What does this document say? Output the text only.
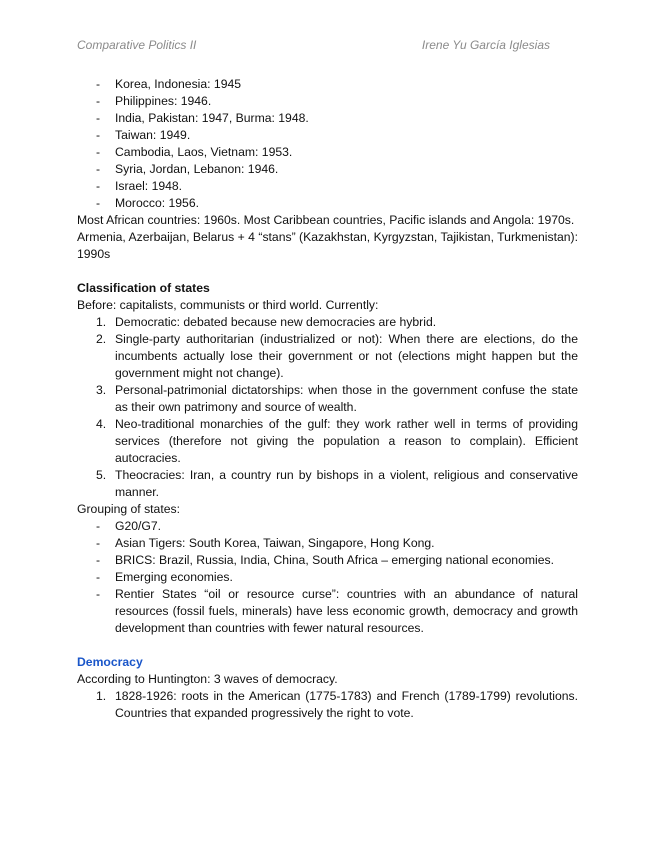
Comparative Politics II	Irene Yu García Iglesias
- Korea, Indonesia: 1945
- Philippines: 1946.
- India, Pakistan: 1947, Burma: 1948.
- Taiwan: 1949.
- Cambodia, Laos, Vietnam: 1953.
- Syria, Jordan, Lebanon: 1946.
- Israel: 1948.
- Morocco: 1956.

Most African countries: 1960s. Most Caribbean countries, Pacific islands and Angola: 1970s.

Armenia, Azerbaijan, Belarus + 4 “stans” (Kazakhstan, Kyrgyzstan, Tajikistan, Turkmenistan): 1990s

Classification of states

Before: capitalists, communists or third world. Currently:

1. Democratic: debated because new democracies are hybrid.
2. Single-party authoritarian (industrialized or not): When there are elections, do the incumbents actually lose their government or not (elections might happen but the government might not change).
3. Personal-patrimonial dictatorships: when those in the government confuse the state as their own patrimony and source of wealth.
4. Neo-traditional monarchies of the gulf: they work rather well in terms of providing services (therefore not giving the population a reason to complain). Efficient autocracies.
5. Theocracies: Iran, a country run by bishops in a violent, religious and conservative manner.

Grouping of states:

- G20/G7.
- Asian Tigers: South Korea, Taiwan, Singapore, Hong Kong.
- BRICS: Brazil, Russia, India, China, South Africa – emerging national economies.
- Emerging economies.
- Rentier States “oil or resource curse”: countries with an abundance of natural resources (fossil fuels, minerals) have less economic growth, democracy and growth development than countries with fewer natural resources.

Democracy

According to Huntington: 3 waves of democracy.

1. 1828-1926: roots in the American (1775-1783) and French (1789-1799) revolutions. Countries that expanded progressively the right to vote.
